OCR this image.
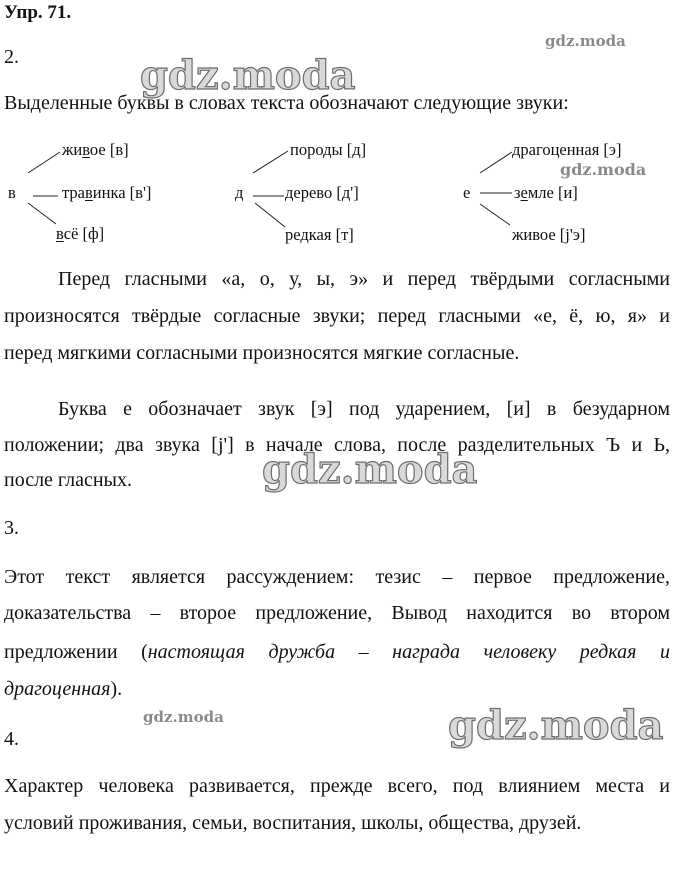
Упр. 71.
gdz.moda
gdz.moda
gdz.moda
gdz.moda
gdz.moda	gdz.moda
2.
Выделенные буквы в словах текста обозначают следующие звуки:
в
живое [в]
травинка [в']
всё [ф]
д
породы [д]
дерево [д']
редкая [т]
е
драгоценная [э]
земле [и]
живое [j'э]
Перед гласными «а, о, у, ы, э» и перед твёрдыми согласными
произносятся твёрдые согласные звуки; перед гласными «е, ё, ю, я» и
перед мягкими согласными произносятся мягкие согласные.
Буква е обозначает звук [э] под ударением, [и] в безударном
положении; два звука [j'] в начале слова, после разделительных Ъ и Ь,
после гласных.
3.
Этот текст является рассуждением: тезис – первое предложение,
доказательства – второе предложение, Вывод находится во втором
предложении (настоящая дружба – награда человеку редкая и
драгоценная).
4.
Характер человека развивается, прежде всего, под влиянием места и
условий проживания, семьи, воспитания, школы, общества, друзей.
